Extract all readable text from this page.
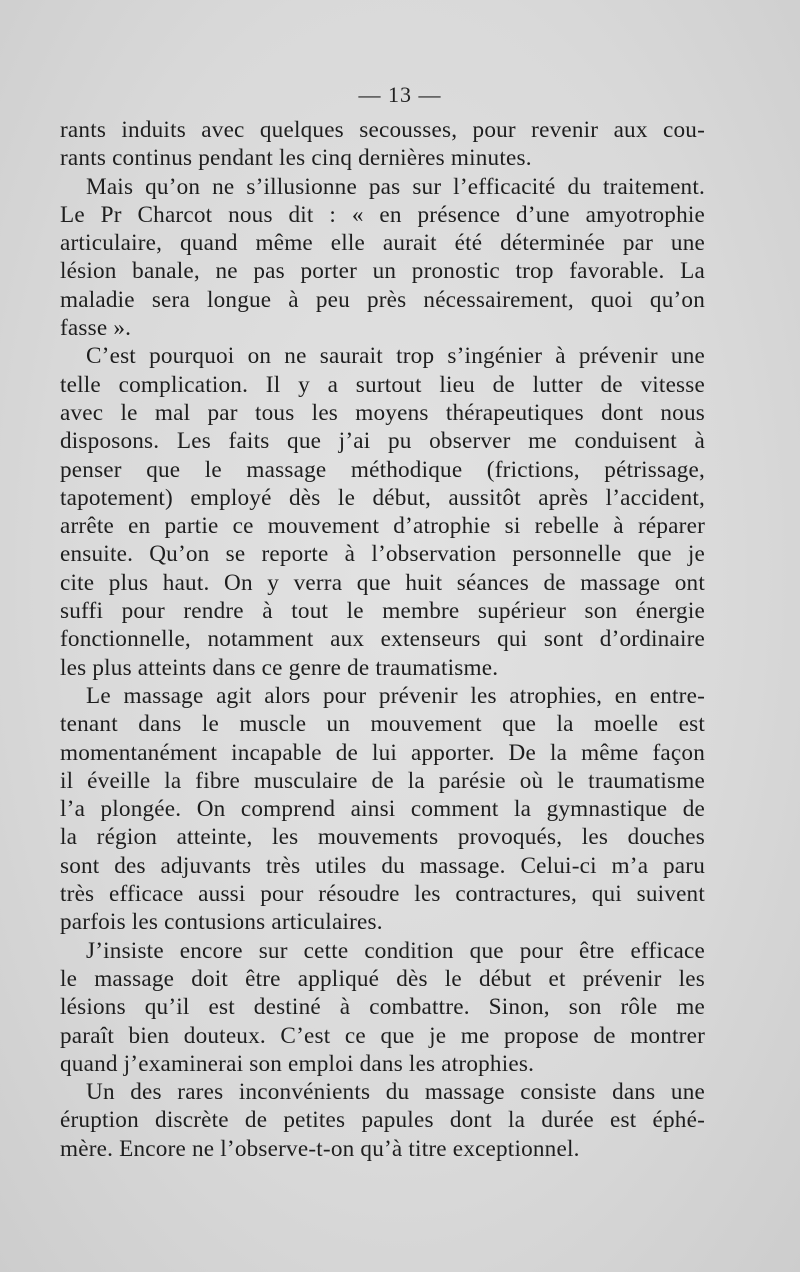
— 13 —

rants induits avec quelques secousses, pour revenir aux cou-
rants continus pendant les cinq dernières minutes.

Mais qu’on ne s’illusionne pas sur l’efficacité du traitement.
Le Pr Charcot nous dit : « en présence d’une amyotrophie
articulaire, quand même elle aurait été déterminée par une
lésion banale, ne pas porter un pronostic trop favorable. La
maladie sera longue à peu près nécessairement, quoi qu’on
fasse ».

C’est pourquoi on ne saurait trop s’ingénier à prévenir une
telle complication. Il y a surtout lieu de lutter de vitesse
avec le mal par tous les moyens thérapeutiques dont nous
disposons. Les faits que j’ai pu observer me conduisent à
penser que le massage méthodique (frictions, pétrissage,
tapotement) employé dès le début, aussitôt après l’accident,
arrête en partie ce mouvement d’atrophie si rebelle à réparer
ensuite. Qu’on se reporte à l’observation personnelle que je
cite plus haut. On y verra que huit séances de massage ont
suffi pour rendre à tout le membre supérieur son énergie
fonctionnelle, notamment aux extenseurs qui sont d’ordinaire
les plus atteints dans ce genre de traumatisme.

Le massage agit alors pour prévenir les atrophies, en entre-
tenant dans le muscle un mouvement que la moelle est
momentanément incapable de lui apporter. De la même façon
il éveille la fibre musculaire de la parésie où le traumatisme
l’a plongée. On comprend ainsi comment la gymnastique de
la région atteinte, les mouvements provoqués, les douches
sont des adjuvants très utiles du massage. Celui-ci m’a paru
très efficace aussi pour résoudre les contractures, qui suivent
parfois les contusions articulaires.

J’insiste encore sur cette condition que pour être efficace
le massage doit être appliqué dès le début et prévenir les
lésions qu’il est destiné à combattre. Sinon, son rôle me
paraît bien douteux. C’est ce que je me propose de montrer
quand j’examinerai son emploi dans les atrophies.

Un des rares inconvénients du massage consiste dans une
éruption discrète de petites papules dont la durée est éphé-
mère. Encore ne l’observe-t-on qu’à titre exceptionnel.
